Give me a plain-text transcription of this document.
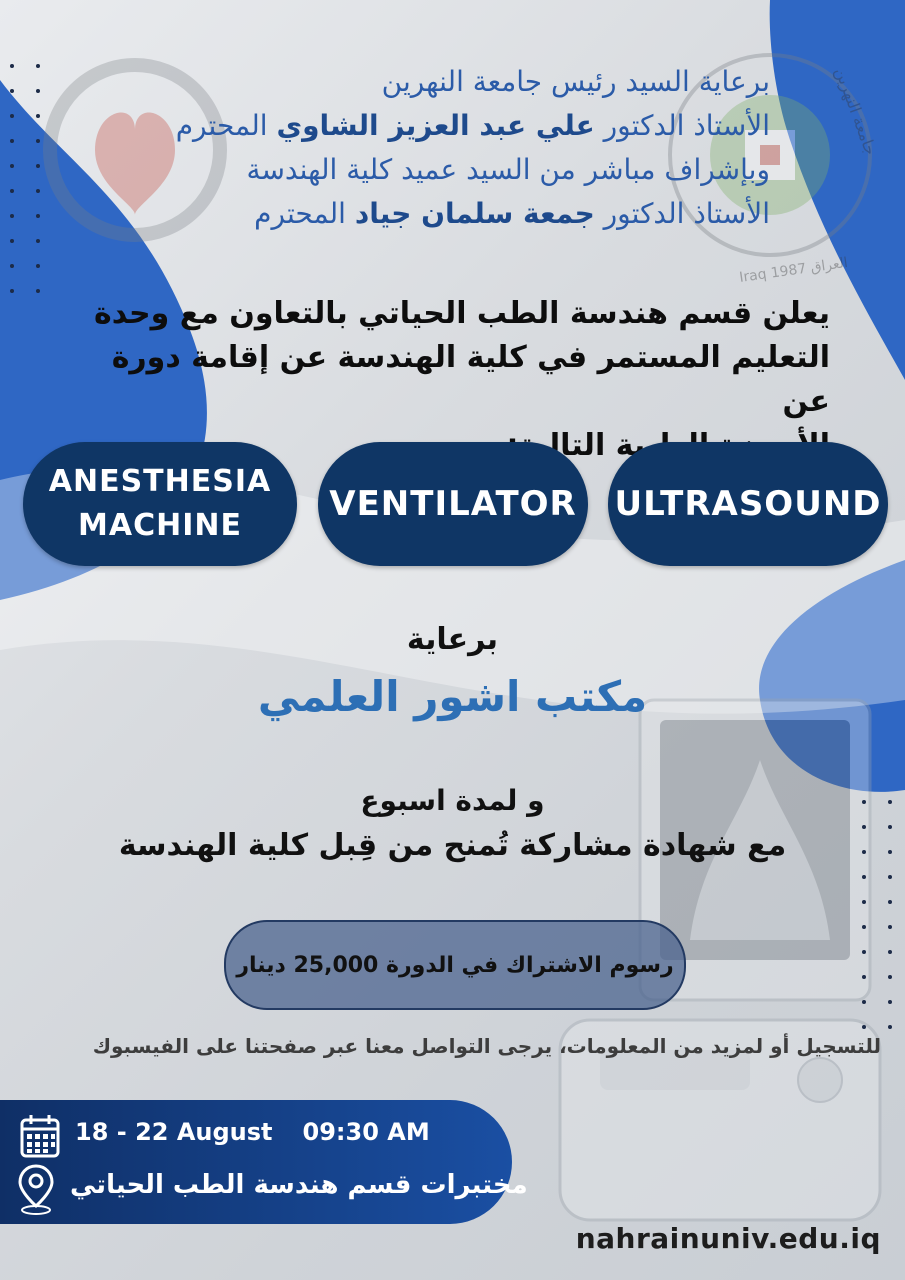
Iraq 1987 العراق
جامعة النهرين
برعاية السيد رئيس جامعة النهرين
الأستاذ الدكتور علي عبد العزيز الشاوي المحترم
وبإشراف مباشر من السيد عميد كلية الهندسة
الأستاذ الدكتور جمعة سلمان جياد المحترم
يعلن قسم هندسة الطب الحياتي بالتعاون مع وحدة
التعليم المستمر في كلية الهندسة عن إقامة دورة عن
التالية:
ANESTHESIA
MACHINE
VENTILATOR ULTRASOUND
برعاية
مكتب اشور العلمي
و لمدة اسبوع
مع شهادة مشاركة تُمنح من قِبل كلية الهندسة
رسوم الاشتراك في الدورة 25,000 دينار
للتسجيل أو لمزيد من المعلومات، يرجى التواصل معنا عبر صفحتنا على الفيسبوك
18 - 22 August 09:30 AM
مختبرات قسم هندسة الطب الحياتي
nahrainuniv.edu.iq
